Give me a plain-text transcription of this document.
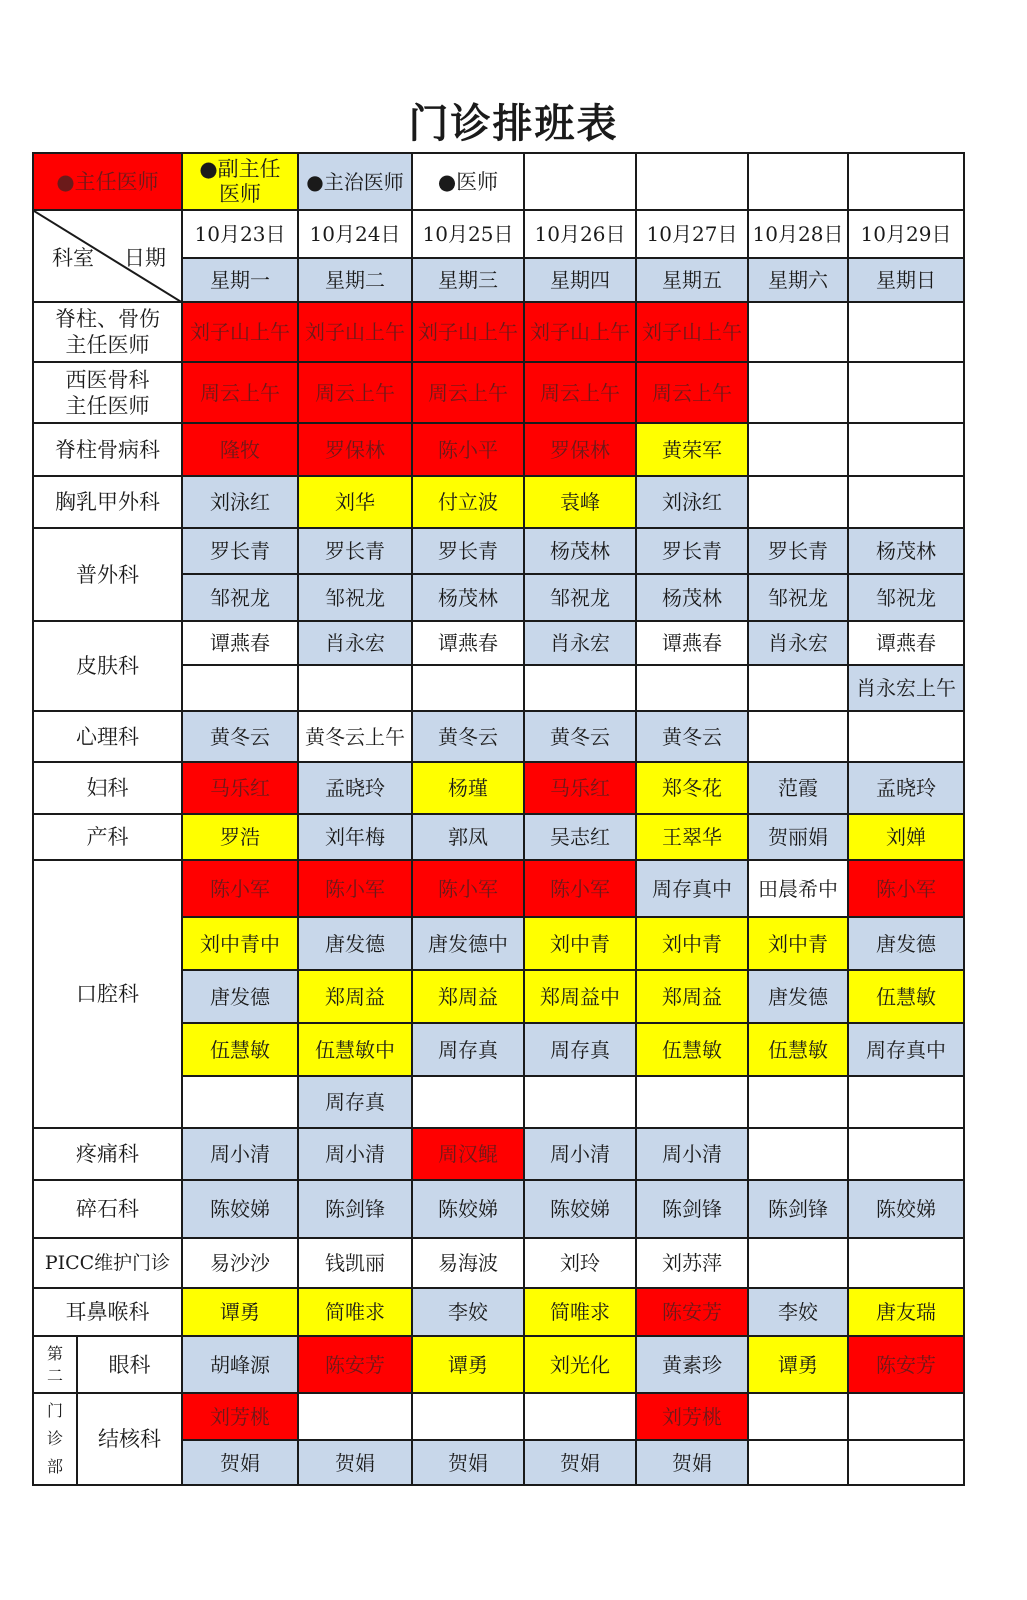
门诊排班表
●主任医师	●副主任
医师	●主治医师	●医师				

科室 日期	10月23日	10月24日	10月25日	10月26日	10月27日	10月28日	10月29日
	星期一	星期二	星期三	星期四	星期五	星期六	星期日

脊柱、骨伤
主任医师	刘子山上午	刘子山上午	刘子山上午	刘子山上午	刘子山上午		

西医骨科
主任医师	周云上午	周云上午	周云上午	周云上午	周云上午		
脊柱骨病科	隆牧	罗保林	陈小平	罗保林	黄荣军		
胸乳甲外科	刘泳红	刘华	付立波	袁峰	刘泳红		
普外科	罗长青	罗长青	罗长青	杨茂林	罗长青	罗长青	杨茂林
	邹祝龙	邹祝龙	杨茂林	邹祝龙	杨茂林	邹祝龙	邹祝龙
皮肤科	谭燕春	肖永宏	谭燕春	肖永宏	谭燕春	肖永宏	谭燕春
							肖永宏上午
心理科	黄冬云	黄冬云上午	黄冬云	黄冬云	黄冬云		
妇科	马乐红	孟晓玲	杨瑾	马乐红	郑冬花	范霞	孟晓玲
产科	罗浩	刘年梅	郭凤	吴志红	王翠华	贺丽娟	刘婵
口腔科	陈小军	陈小军	陈小军	陈小军	周存真中	田晨希中	陈小军
	刘中青中	唐发德	唐发德中	刘中青	刘中青	刘中青	唐发德
	唐发德	郑周益	郑周益	郑周益中	郑周益	唐发德	伍慧敏
	伍慧敏	伍慧敏中	周存真	周存真	伍慧敏	伍慧敏	周存真中
		周存真					
疼痛科	周小清	周小清	周汉鲲	周小清	周小清		
碎石科	陈姣娣	陈剑锋	陈姣娣	陈姣娣	陈剑锋	陈剑锋	陈姣娣
PICC维护门诊	易沙沙	钱凯丽	易海波	刘玲	刘苏萍		
耳鼻喉科	谭勇	简唯求	李姣	简唯求	陈安芳	李姣	唐友瑞

第
二 眼科	胡峰源	陈安芳	谭勇	刘光化	黄素珍	谭勇	陈安芳

门
诊
部
结核科	刘芳桃				刘芳桃		
	贺娟	贺娟	贺娟	贺娟	贺娟		
